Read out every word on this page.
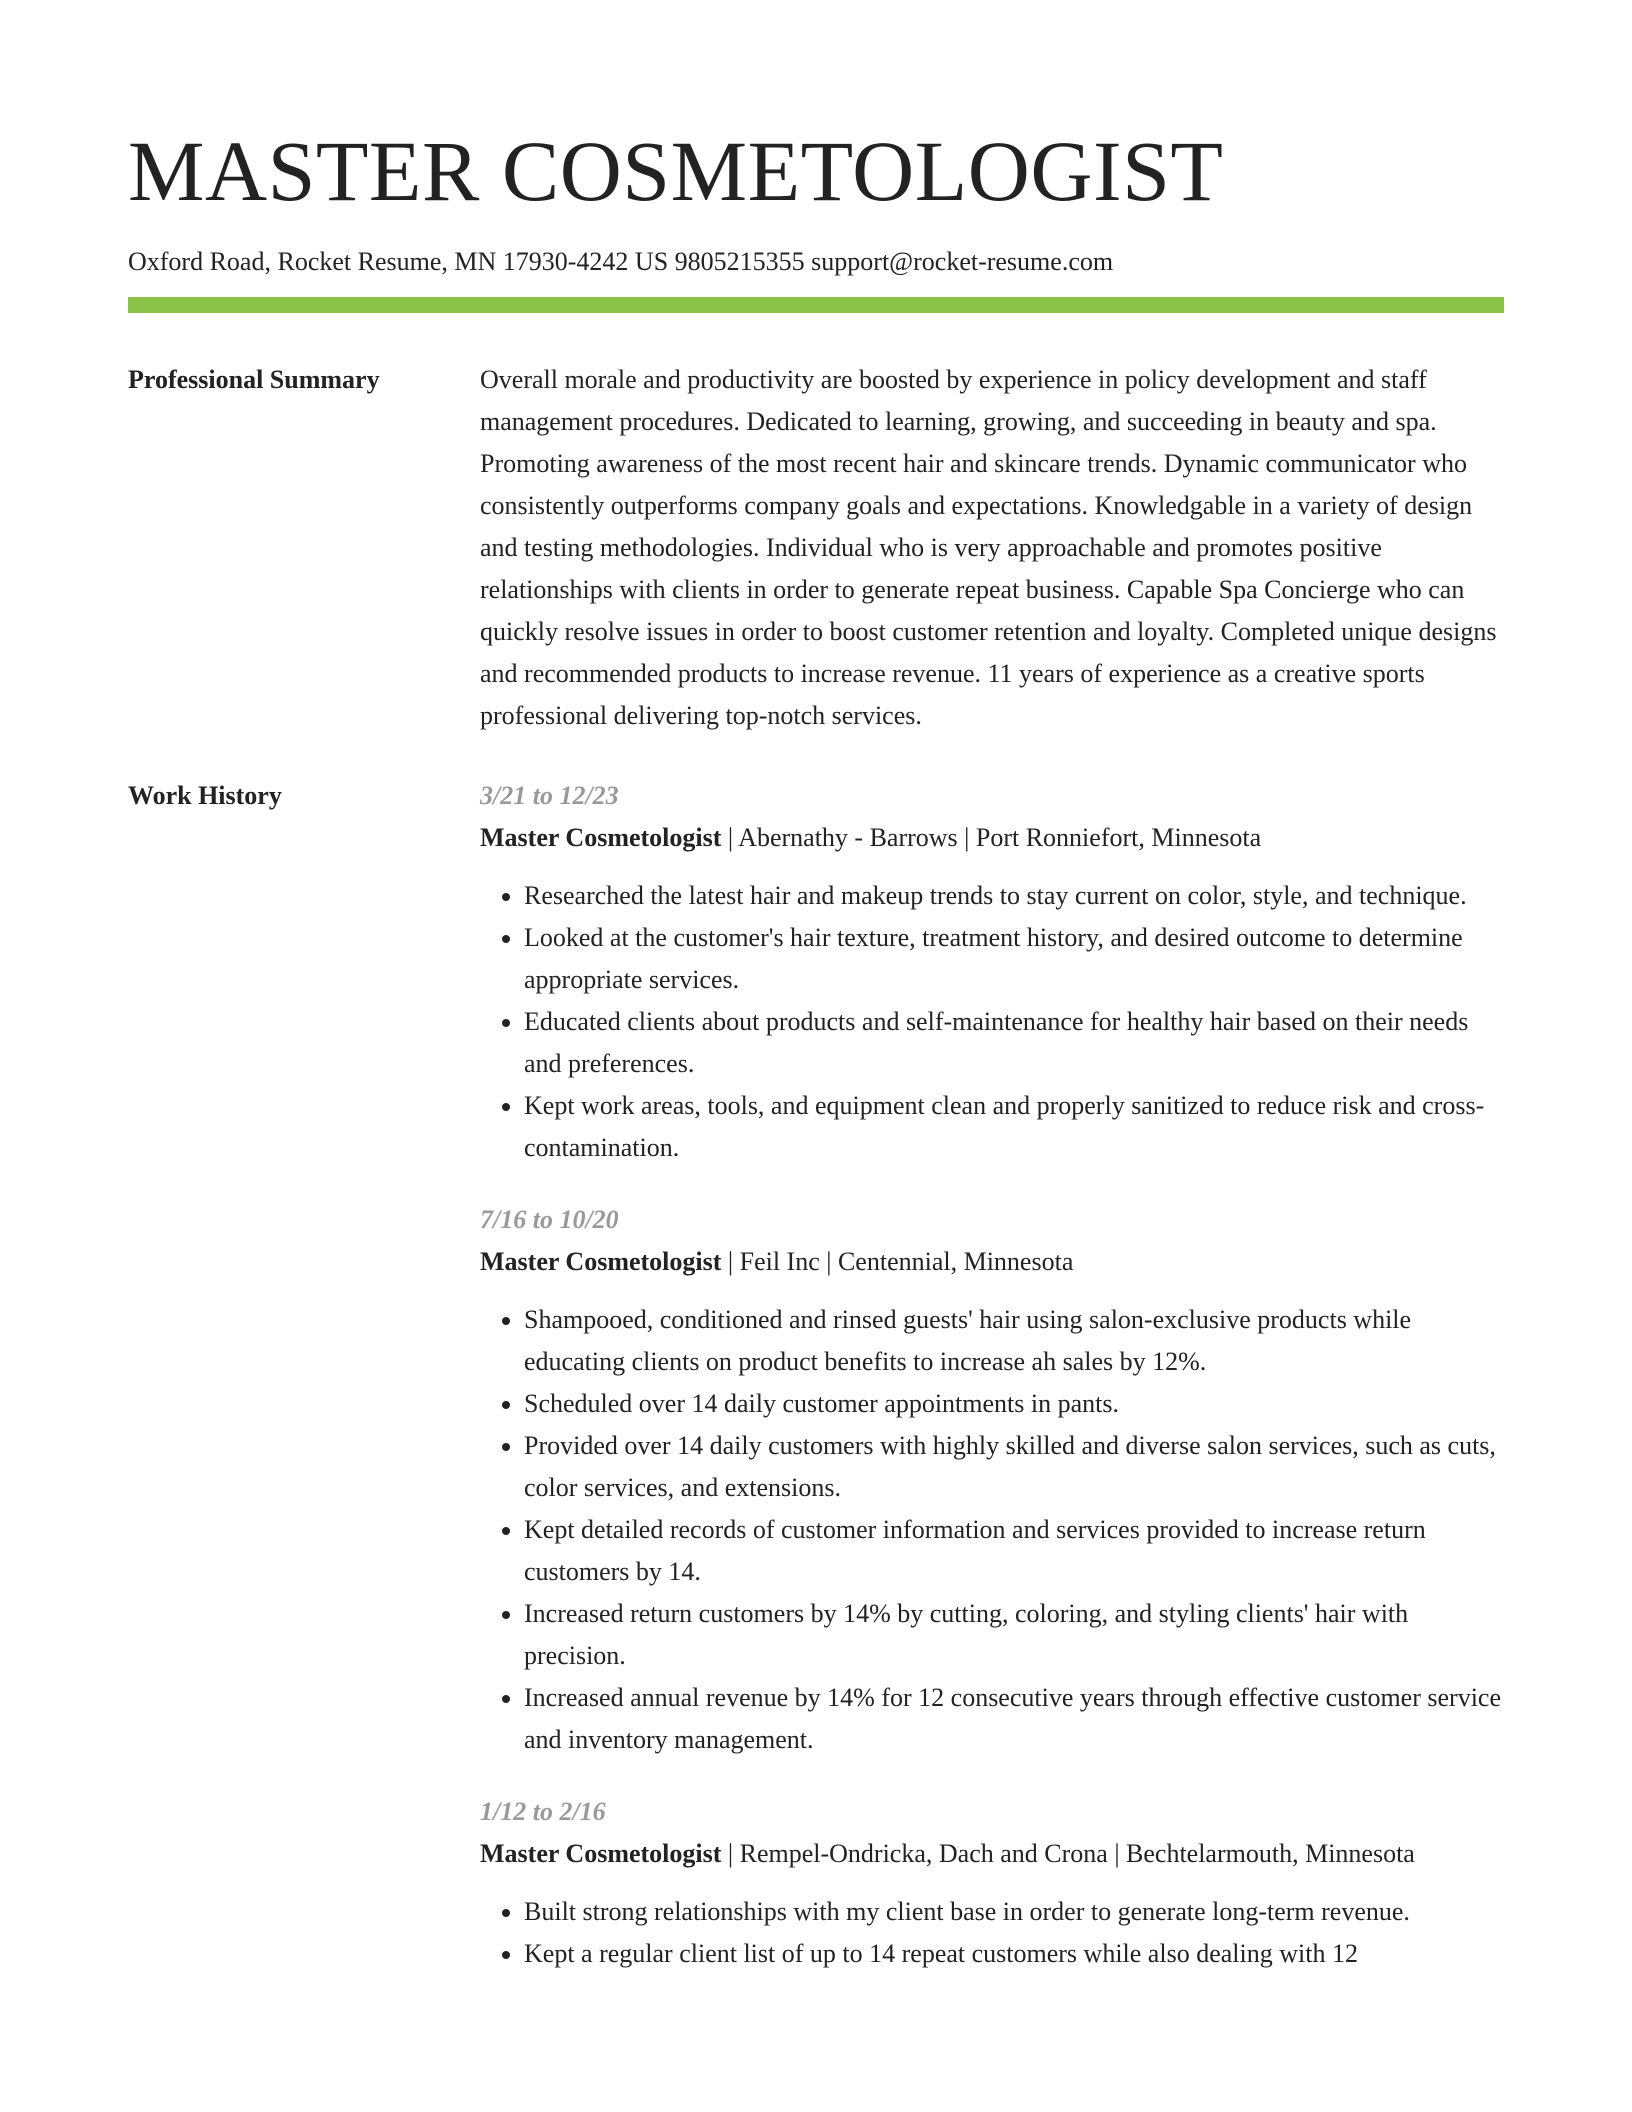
MASTER COSMETOLOGIST
Oxford Road, Rocket Resume, MN 17930-4242 US 9805215355 support@rocket-resume.com
Professional Summary	Overall morale and productivity are boosted by experience in policy development and staff management procedures. Dedicated to learning, growing, and succeeding in beauty and spa. Promoting awareness of the most recent hair and skincare trends. Dynamic communicator who consistently outperforms company goals and expectations. Knowledgable in a variety of design and testing methodologies. Individual who is very approachable and promotes positive relationships with clients in order to generate repeat business. Capable Spa Concierge who can quickly resolve issues in order to boost customer retention and loyalty. Completed unique designs and recommended products to increase revenue. 11 years of experience as a creative sports professional delivering top-notch services.

Work History	3/21 to 12/23
Master Cosmetologist | Abernathy - Barrows | Port Ronniefort, Minnesota
• Researched the latest hair and makeup trends to stay current on color, style, and technique.
• Looked at the customer's hair texture, treatment history, and desired outcome to determine appropriate services.
• Educated clients about products and self-maintenance for healthy hair based on their needs and preferences.
• Kept work areas, tools, and equipment clean and properly sanitized to reduce risk and cross-contamination.
7/16 to 10/20
Master Cosmetologist | Feil Inc | Centennial, Minnesota
• Shampooed, conditioned and rinsed guests' hair using salon-exclusive products while educating clients on product benefits to increase ah sales by 12%.
• Scheduled over 14 daily customer appointments in pants.
• Provided over 14 daily customers with highly skilled and diverse salon services, such as cuts, color services, and extensions.
• Kept detailed records of customer information and services provided to increase return customers by 14.
• Increased return customers by 14% by cutting, coloring, and styling clients' hair with precision.
• Increased annual revenue by 14% for 12 consecutive years through effective customer service and inventory management.
1/12 to 2/16
Master Cosmetologist | Rempel-Ondricka, Dach and Crona | Bechtelarmouth, Minnesota
• Built strong relationships with my client base in order to generate long-term revenue.
• Kept a regular client list of up to 14 repeat customers while also dealing with 12
